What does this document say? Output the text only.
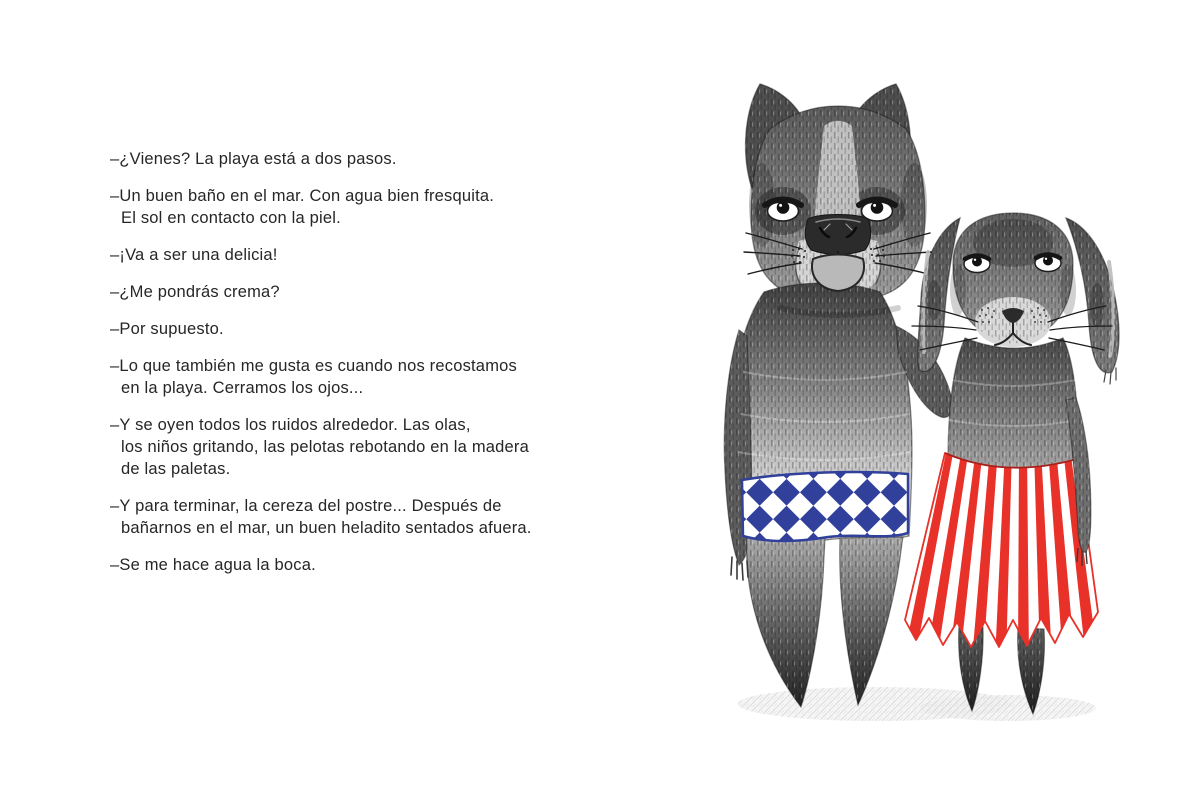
–¿Vienes? La playa está a dos pasos.

–Un buen baño en el mar. Con agua bien fresquita.
El sol en contacto con la piel.

–¡Va a ser una delicia!

–¿Me pondrás crema?

–Por supuesto.

–Lo que también me gusta es cuando nos recostamos
en la playa. Cerramos los ojos...

–Y se oyen todos los ruidos alrededor. Las olas,
los niños gritando, las pelotas rebotando en la madera
de las paletas.

–Y para terminar, la cereza del postre... Después de
bañarnos en el mar, un buen heladito sentados afuera.

–Se me hace agua la boca.
